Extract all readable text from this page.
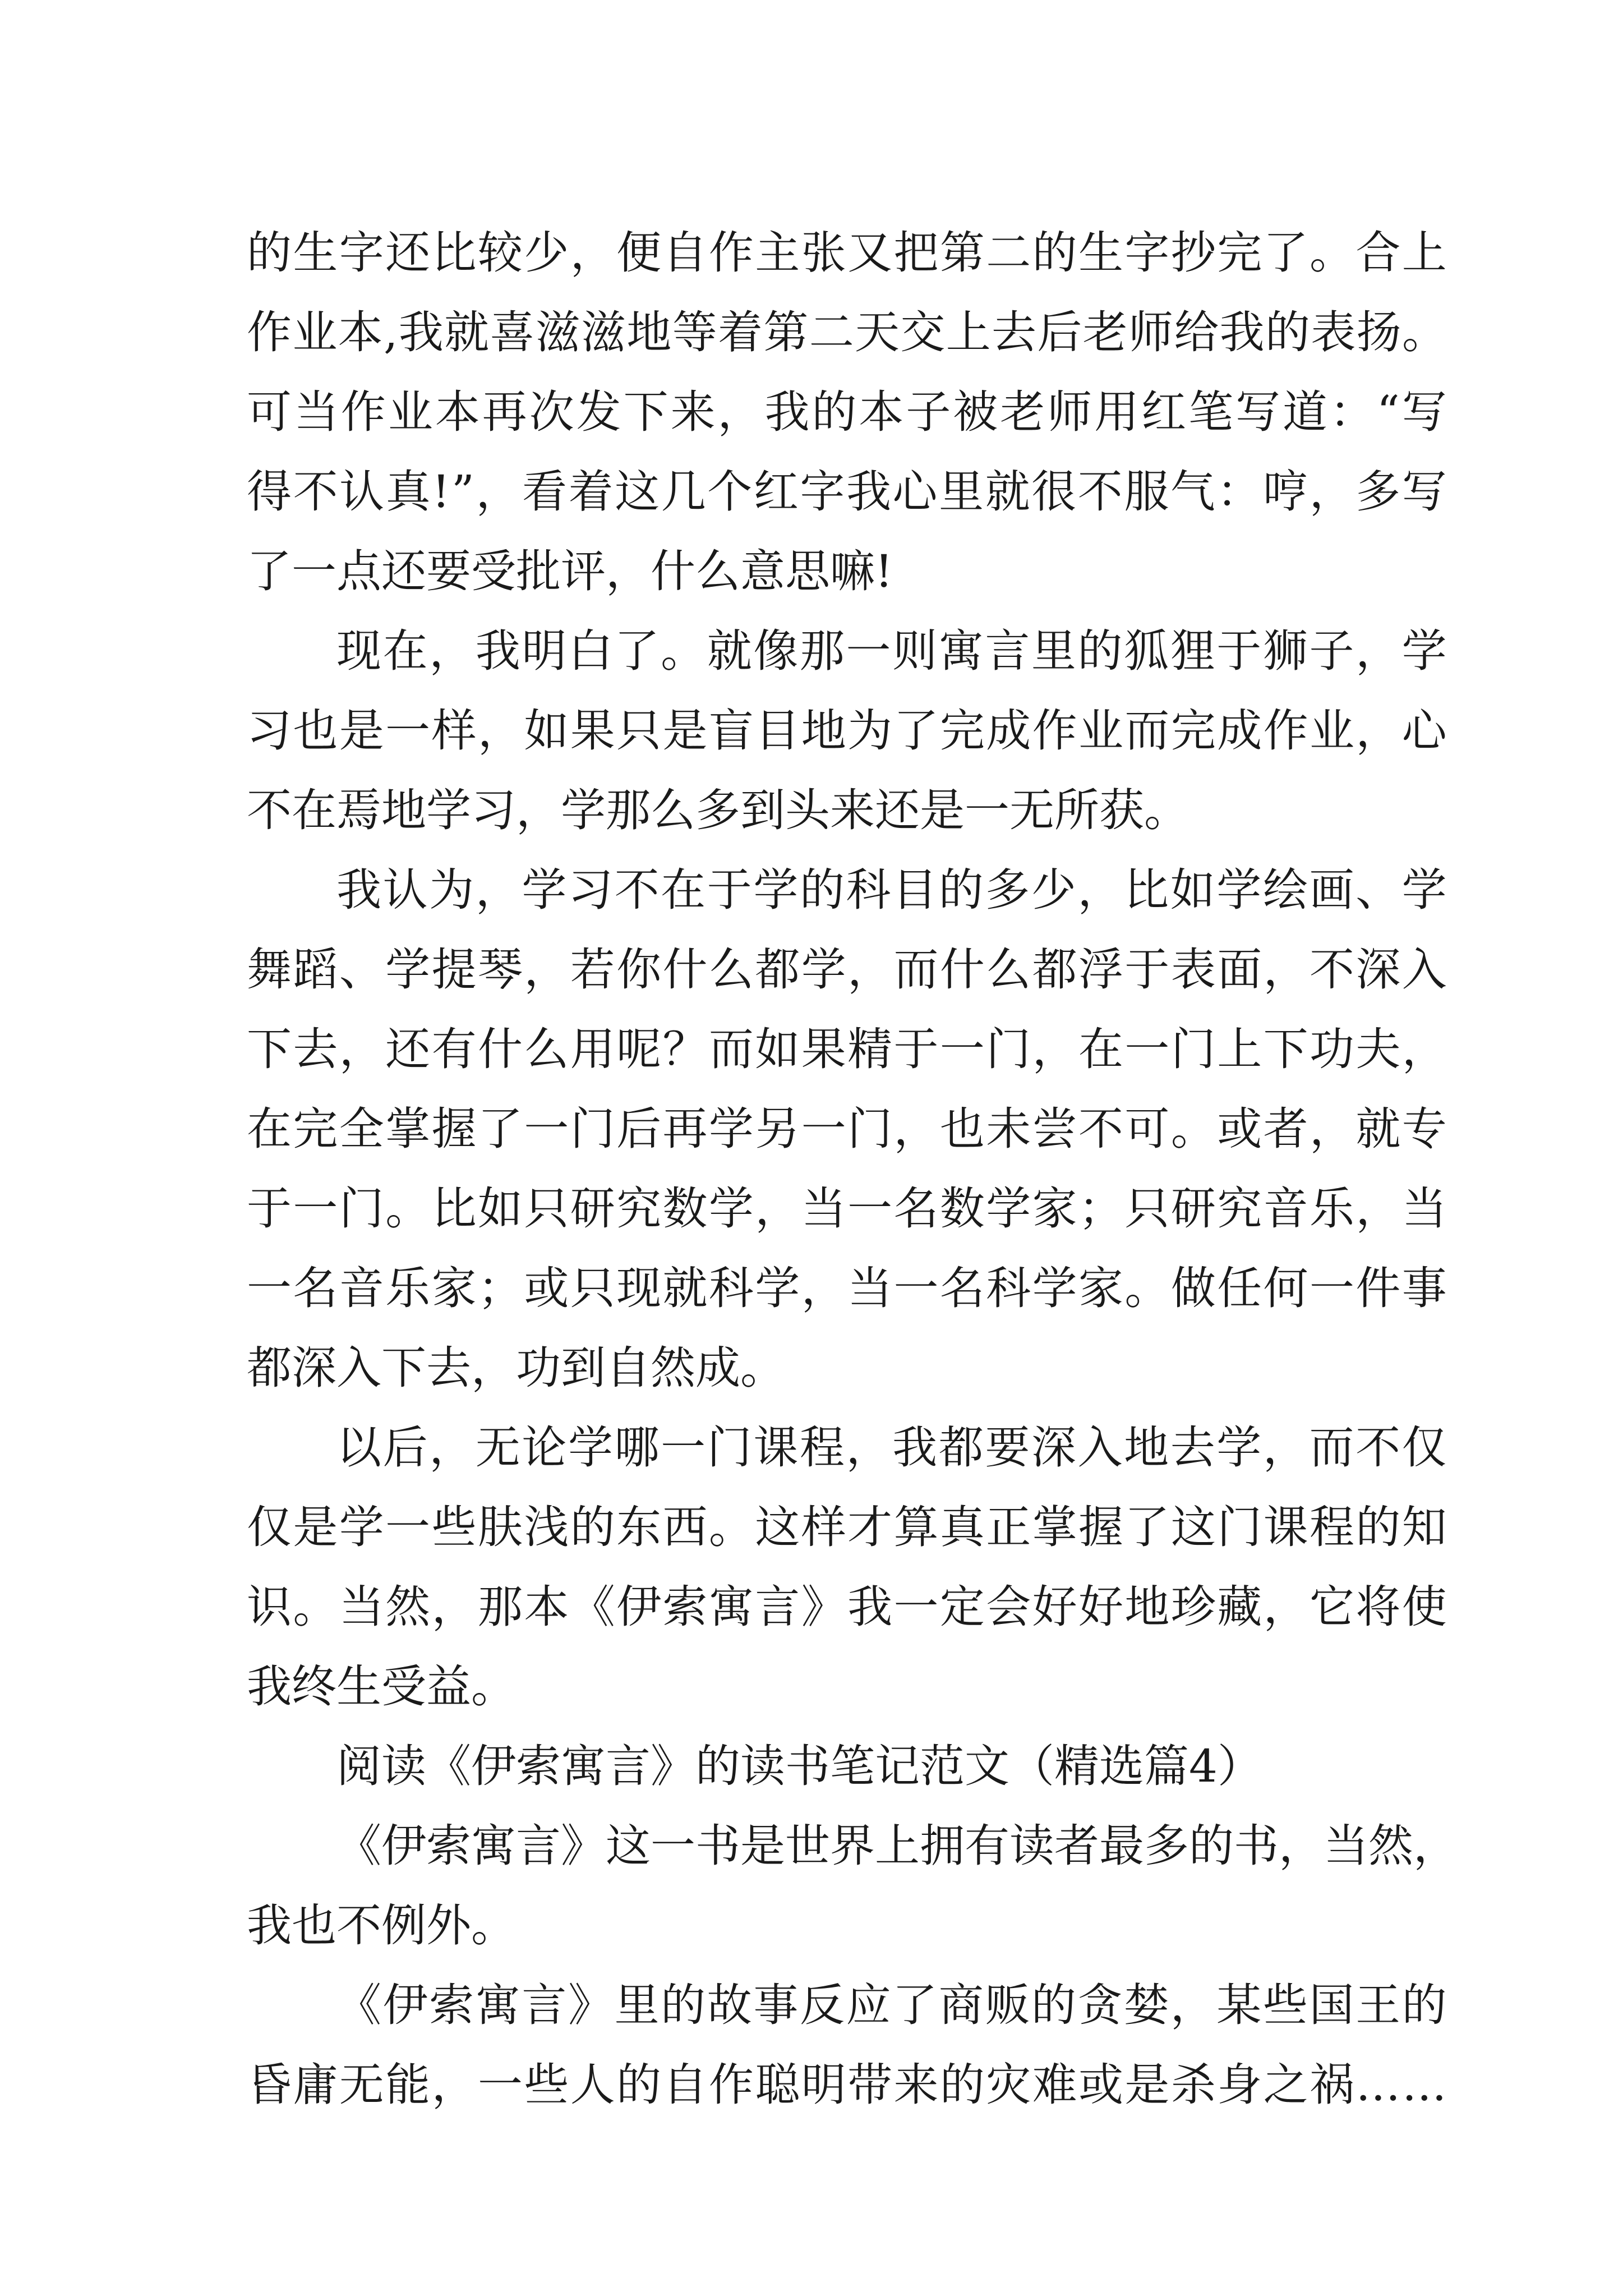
的 生 字 还 比 较 少 ， 便 自 作 主 张 又 把 第 二 的 生 字 抄 完 了 。 合 上
作 业 本 , 我 就 喜 滋 滋 地 等 着 第 二 天 交 上 去 后 老 师 给 我 的 表 扬 。
可 当 作 业 本 再 次 发 下 来 ， 我 的 本 子 被 老 师 用 红 笔 写 道 ： “ 写
得 不 认 真 ! ” ， 看 着 这 几 个 红 字 我 心 里 就 很 不 服 气 ： 哼 ， 多 写
了一点还要受批评，什么意思嘛!
现 在 ， 我 明 白 了 。 就 像 那 一 则 寓 言 里 的 狐 狸 于 狮 子 ， 学
习 也 是 一 样 ， 如 果 只 是 盲 目 地 为 了 完 成 作 业 而 完 成 作 业 ， 心
不在焉地学习，学那么多到头来还是一无所获。
我 认 为 ， 学 习 不 在 于 学 的 科 目 的 多 少 ， 比 如 学 绘 画 、 学
舞 蹈 、 学 提 琴 ， 若 你 什 么 都 学 ， 而 什 么 都 浮 于 表 面 ， 不 深 入
下 去 ， 还 有 什 么 用 呢 ？ 而 如 果 精 于 一 门 ， 在 一 门 上 下 功 夫 ，
在 完 全 掌 握 了 一 门 后 再 学 另 一 门 ， 也 未 尝 不 可 。 或 者 ， 就 专
于 一 门 。 比 如 只 研 究 数 学 ， 当 一 名 数 学 家 ； 只 研 究 音 乐 ， 当
一 名 音 乐 家 ； 或 只 现 就 科 学 ， 当 一 名 科 学 家 。 做 任 何 一 件 事
都深入下去，功到自然成。
以 后 ， 无 论 学 哪 一 门 课 程 ， 我 都 要 深 入 地 去 学 ， 而 不 仅
仅 是 学 一 些 肤 浅 的 东 西 。 这 样 才 算 真 正 掌 握 了 这 门 课 程 的 知
识 。 当 然 ， 那 本 《 伊 索 寓 言 》 我 一 定 会 好 好 地 珍 藏 ， 它 将 使
我终生受益。
阅读《伊索寓言》的读书笔记范文（精选篇4）
《 伊 索 寓 言 》 这 一 书 是 世 界 上 拥 有 读 者 最 多 的 书 ， 当 然 ，
我也不例外。
《 伊 索 寓 言 》 里 的 故 事 反 应 了 商 贩 的 贪 婪 ， 某 些 国 王 的
昏 庸 无 能 ， 一 些 人 的 自 作 聪 明 带 来 的 灾 难 或 是 杀 身 之 祸 … …
